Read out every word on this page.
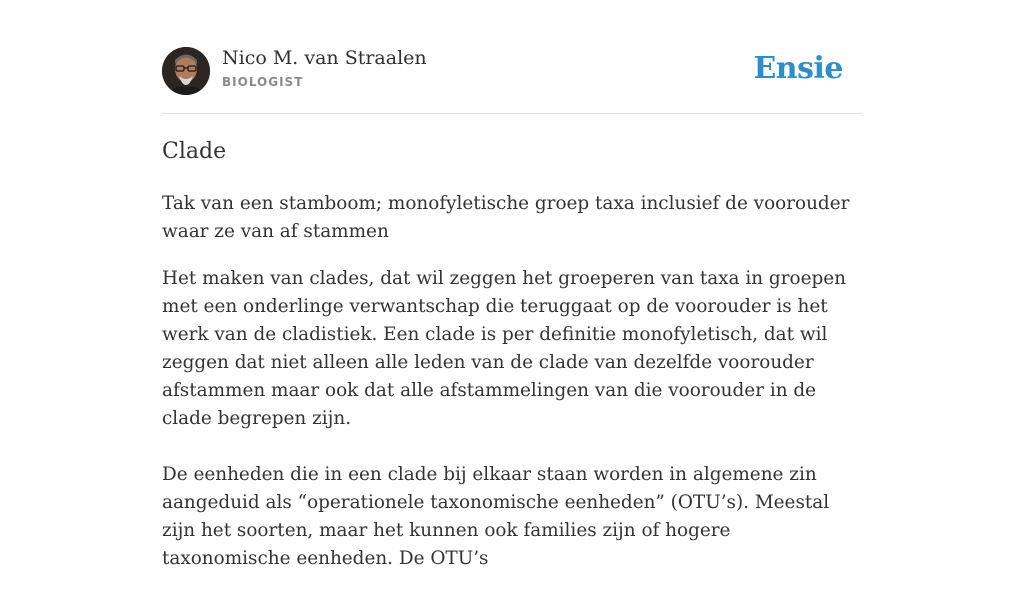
Nico M. van Straalen
BIOLOGIST	Ensie
Clade

Tak van een stamboom; monofyletische groep taxa inclusief de voorouder waar ze van af stammen

Het maken van clades, dat wil zeggen het groeperen van taxa in groepen met een onderlinge verwantschap die teruggaat op de voorouder is het werk van de cladistiek. Een clade is per definitie monofyletisch, dat wil zeggen dat niet alleen alle leden van de clade van dezelfde voorouder afstammen maar ook dat alle afstammelingen van die voorouder in de clade begrepen zijn.

De eenheden die in een clade bij elkaar staan worden in algemene zin aangeduid als “operationele taxonomische eenheden” (OTU’s). Meestal zijn het soorten, maar het kunnen ook families zijn of hogere taxonomische eenheden. De OTU’s
